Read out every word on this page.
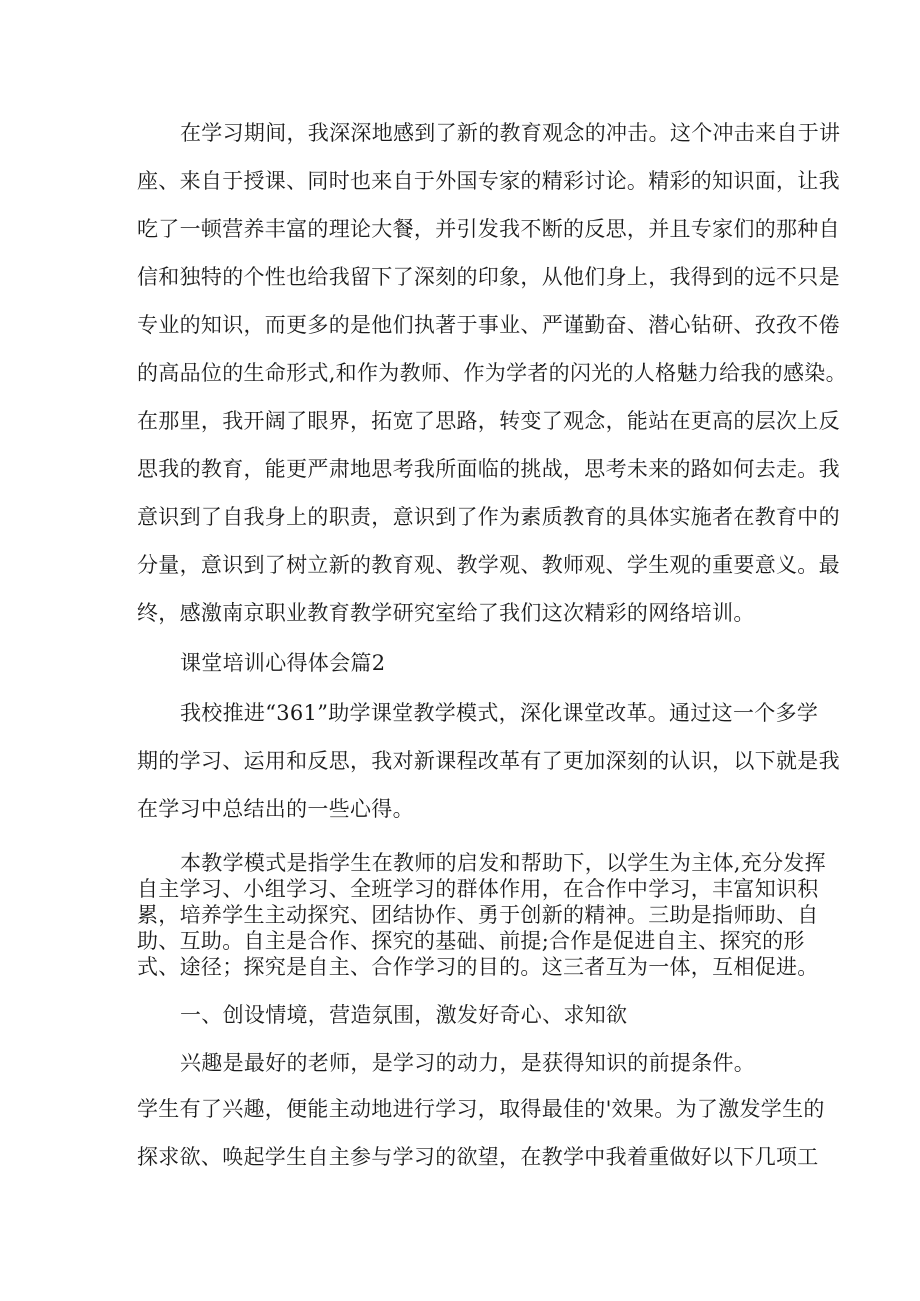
在学习期间，我深深地感到了新的教育观念的冲击。这个冲击来自于讲
座、来自于授课、同时也来自于外国专家的精彩讨论。精彩的知识面，让我
吃了一顿营养丰富的理论大餐，并引发我不断的反思，并且专家们的那种自
信和独特的个性也给我留下了深刻的印象，从他们身上，我得到的远不只是
专业的知识，而更多的是他们执著于事业、严谨勤奋、潜心钻研、孜孜不倦
的高品位的生命形式,和作为教师、作为学者的闪光的人格魅力给我的感染。
在那里，我开阔了眼界，拓宽了思路，转变了观念，能站在更高的层次上反
思我的教育，能更严肃地思考我所面临的挑战，思考未来的路如何去走。我
意识到了自我身上的职责，意识到了作为素质教育的具体实施者在教育中的
分量，意识到了树立新的教育观、教学观、教师观、学生观的重要意义。最
终，感激南京职业教育教学研究室给了我们这次精彩的网络培训。
课堂培训心得体会篇2
我校推进“361”助学课堂教学模式，深化课堂改革。通过这一个多学
期的学习、运用和反思，我对新课程改革有了更加深刻的认识，以下就是我
在学习中总结出的一些心得。
本教学模式是指学生在教师的启发和帮助下，以学生为主体,充分发挥
自主学习、小组学习、全班学习的群体作用，在合作中学习，丰富知识积
累，培养学生主动探究、团结协作、勇于创新的精神。三助是指师助、自
助、互助。自主是合作、探究的基础、前提;合作是促进自主、探究的形
式、途径；探究是自主、合作学习的目的。这三者互为一体，互相促进。
一、创设情境，营造氛围，激发好奇心、求知欲
兴趣是最好的老师，是学习的动力，是获得知识的前提条件。
学生有了兴趣，便能主动地进行学习，取得最佳的'效果。为了激发学生的
探求欲、唤起学生自主参与学习的欲望，在教学中我着重做好以下几项工
